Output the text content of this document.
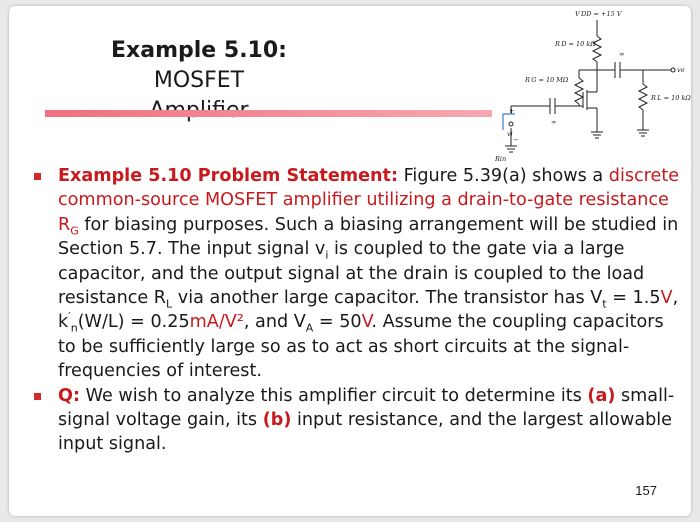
Example 5.10: MOSFET
V DD = +15 V
R D = 10 kΩ
∞
vo
R G = 10 MΩ
R L = 10 kΩ
∞
+
vi
−
Rin
Example 5.10 Problem Statement: Figure 5.39(a) shows a discrete common-source MOSFET amplifier utilizing a drain-to-gate resistance $R_G$ for biasing purposes. Such a biasing arrangement will be studied in Section 5.7. The input signal $v_i$ is coupled to the gate via a large capacitor, and the output signal at the drain is coupled to the load resistance $R_L$ via another large capacitor. The transistor has $V_t = 1.5V$, $k'_n(W/L) = 0.25mA/V^2$, and $V_A = 50V$. Assume the coupling capacitors to be sufficiently large so as to act as short circuits at the signal-frequencies of interest.
Q: We wish to analyze this amplifier circuit to determine its (a) small-signal voltage gain, its (b) input resistance, and the largest allowable input signal.
157
